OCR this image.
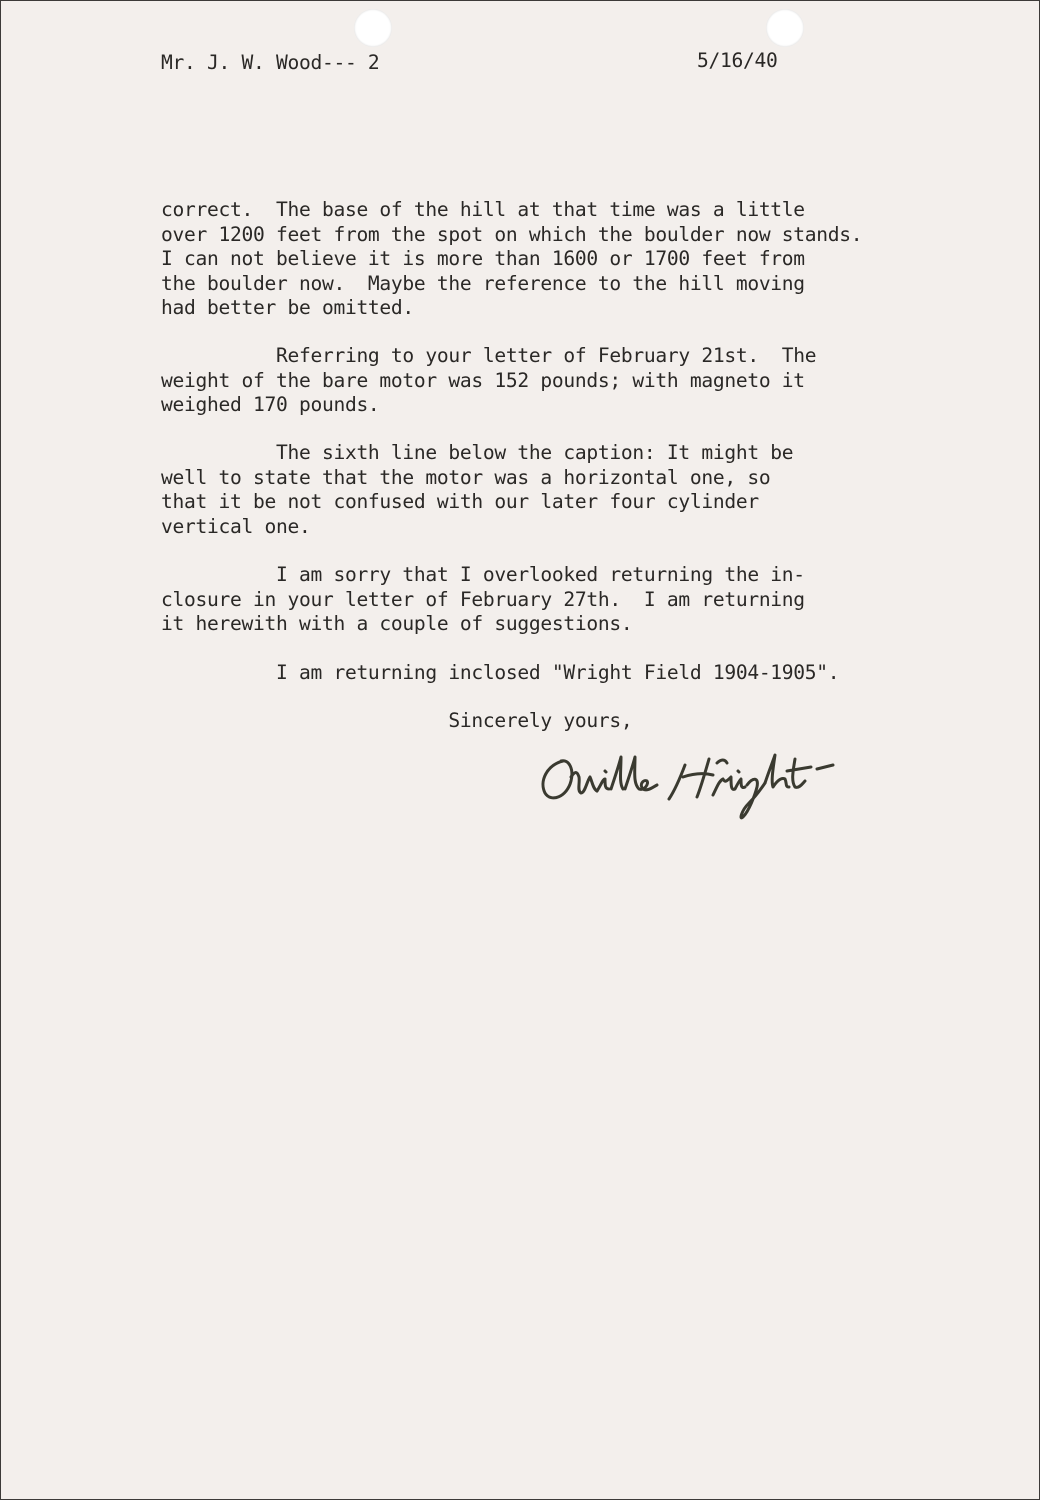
Mr. J. W. Wood--- 2	5/16/40
correct.  The base of the hill at that time was a little
over 1200 feet from the spot on which the boulder now stands.
I can not believe it is more than 1600 or 1700 feet from
the boulder now.  Maybe the reference to the hill moving
had better be omitted.
Referring to your letter of February 21st.  The
weight of the bare motor was 152 pounds; with magneto it
weighed 170 pounds.
The sixth line below the caption: It might be
well to state that the motor was a horizontal one, so
that it be not confused with our later four cylinder
vertical one.
I am sorry that I overlooked returning the in-
closure in your letter of February 27th.  I am returning
it herewith with a couple of suggestions.
I am returning inclosed "Wright Field 1904-1905".
Sincerely yours,
